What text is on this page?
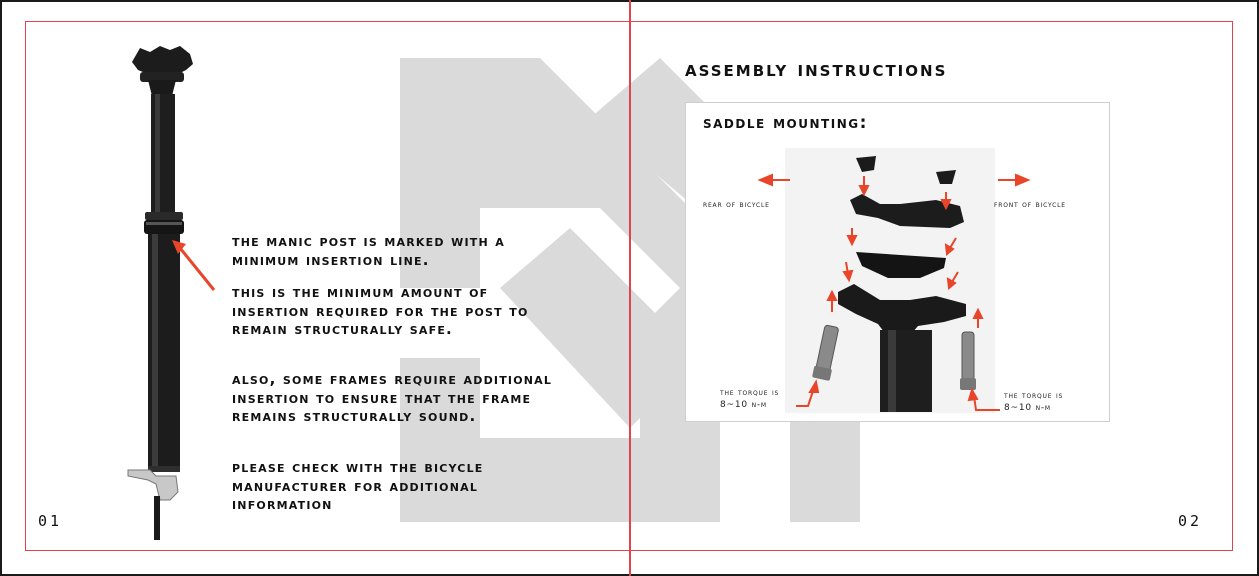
the manic post is marked with a minimum insertion line.
this is the minimum amount of insertion required for the post to remain structurally safe.
also, some frames require additional insertion to ensure that the frame remains structurally sound.
please check with the bicycle manufacturer for additional information
01
assembly instructions
saddle mounting:
rear of bicycle	front of bicycle
the torque is
8~10 n-m
the torque is
8~10 n-m
02
